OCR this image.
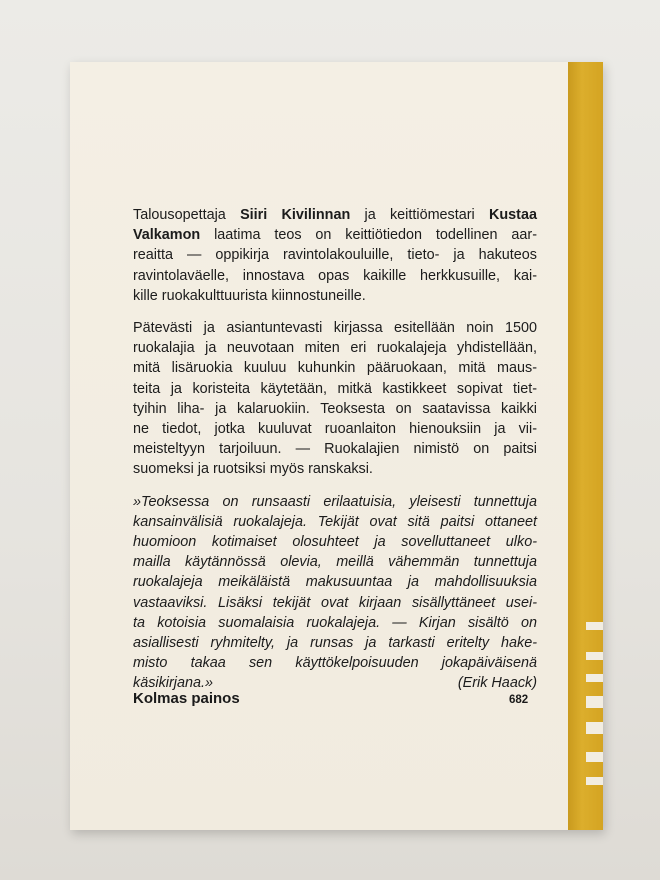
Talousopettaja Siiri Kivilinnan ja keittiömestari Kustaa
Valkamon laatima teos on keittiötiedon todellinen aar-
reaitta — oppikirja ravintolakouluille, tieto- ja hakuteos
ravintolaväelle, innostava opas kaikille herkkusuille, kai-
kille ruokakulttuurista kiinnostuneille.

Pätevästi ja asiantuntevasti kirjassa esitellään noin 1500
ruokalajia ja neuvotaan miten eri ruokalajeja yhdistellään,
mitä lisäruokia kuuluu kuhunkin pääruokaan, mitä maus-
teita ja koristeita käytetään, mitkä kastikkeet sopivat tiet-
tyihin liha- ja kalaruokiin. Teoksesta on saatavissa kaikki
ne tiedot, jotka kuuluvat ruoanlaiton hienouksiin ja vii-
meisteltyyn tarjoiluun. — Ruokalajien nimistö on paitsi
suomeksi ja ruotsiksi myös ranskaksi.

»Teoksessa on runsaasti erilaatuisia, yleisesti tunnettuja
kansainvälisiä ruokalajeja. Tekijät ovat sitä paitsi ottaneet
huomioon kotimaiset olosuhteet ja sovelluttaneet ulko-
mailla käytännössä olevia, meillä vähemmän tunnettuja
ruokalajeja meikäläistä makusuuntaa ja mahdollisuuksia
vastaaviksi. Lisäksi tekijät ovat kirjaan sisällyttäneet usei-
ta kotoisia suomalaisia ruokalajeja. — Kirjan sisältö on
asiallisesti ryhmitelty, ja runsas ja tarkasti eritelty hake-
misto takaa sen käyttökelpoisuuden jokapäiväisenä
käsikirjana.»	(Erik Haack)

Kolmas painos	682
